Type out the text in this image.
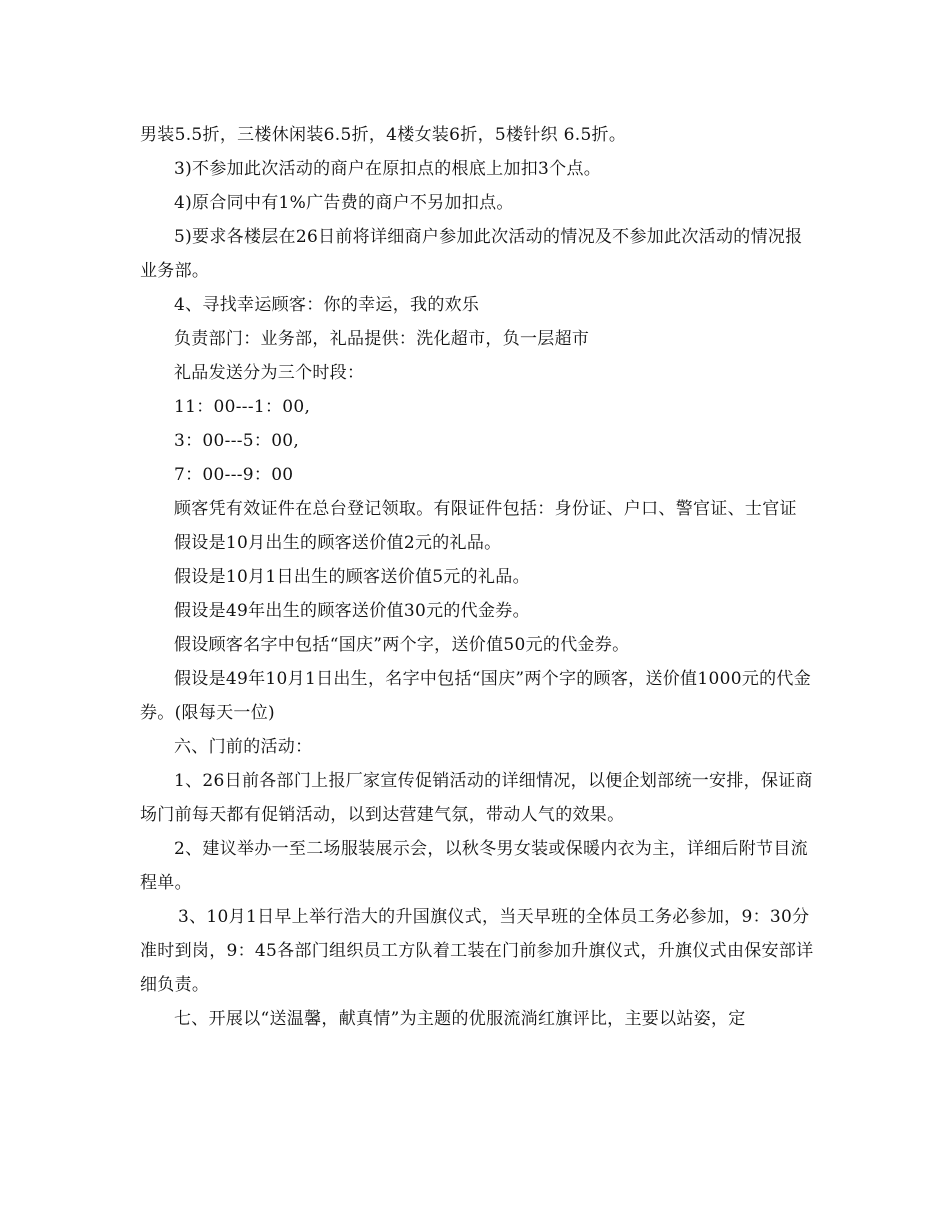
男装5.5折，三楼休闲装6.5折，4楼女装6折，5楼针织 6.5折。

3)不参加此次活动的商户在原扣点的根底上加扣3个点。

4)原合同中有1%广告费的商户不另加扣点。

5)要求各楼层在26日前将详细商户参加此次活动的情况及不参加此次活动的情况报业务部。

4、寻找幸运顾客：你的幸运，我的欢乐

负责部门：业务部，礼品提供：洗化超市，负一层超市

礼品发送分为三个时段：

11：00---1：00,

3：00---5：00,

7：00---9：00

顾客凭有效证件在总台登记领取。有限证件包括：身份证、户口、警官证、士官证

假设是10月出生的顾客送价值2元的礼品。

假设是10月1日出生的顾客送价值5元的礼品。

假设是49年出生的顾客送价值30元的代金券。

假设顾客名字中包括“国庆”两个字，送价值50元的代金券。

假设是49年10月1日出生，名字中包括“国庆”两个字的顾客，送价值1000元的代金券。(限每天一位)

六、门前的活动：

1、26日前各部门上报厂家宣传促销活动的详细情况，以便企划部统一安排，保证商场门前每天都有促销活动，以到达营建气氛，带动人气的效果。

2、建议举办一至二场服装展示会，以秋冬男女装或保暖内衣为主，详细后附节目流程单。

3、10月1日早上举行浩大的升国旗仪式，当天早班的全体员工务必参加，9：30分准时到岗，9：45各部门组织员工方队着工装在门前参加升旗仪式，升旗仪式由保安部详细负责。

七、开展以“送温馨，献真情”为主题的优服流淌红旗评比，主要以站姿，定
